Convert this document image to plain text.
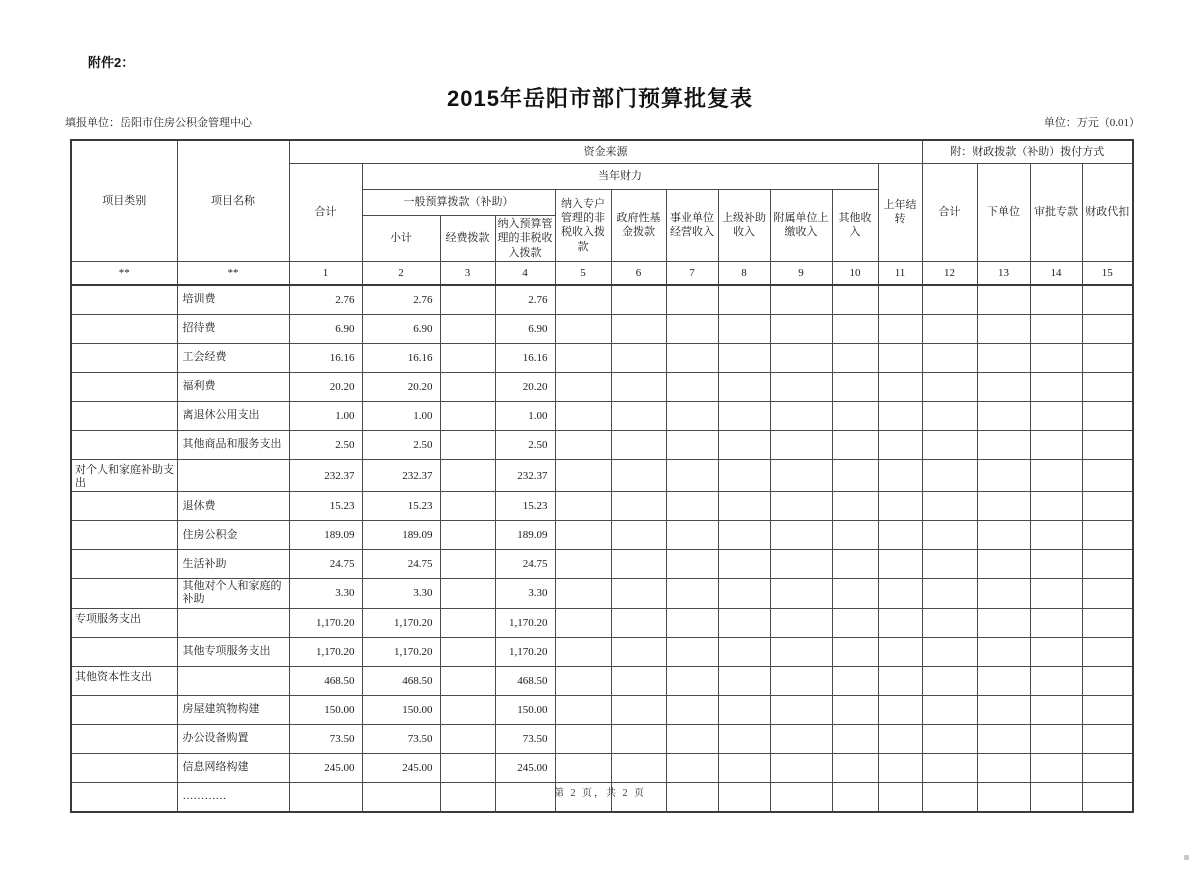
附件2：
2015年岳阳市部门预算批复表
填报单位：岳阳市住房公积金管理中心	单位：万元（0.01）
项目类别	项目名称	资金来源											附：财政拨款（补助）拨付方式			
		合计	当年财力									上年结转	合计	下单位	审批专款	财政代扣
			一般预算拨款（补助）			纳入专户管理的非税收入拨款	政府性基金拨款	事业单位经营收入	上级补助收入	附属单位上缴收入	其他收入					
			小计	经费拨款	纳入预算管理的非税收入拨款											
**	**	1	2	3	4	5	6	7	8	9	10	11	12	13	14	15
	培训费	2.76	2.76		2.76											
	招待费	6.90	6.90		6.90											
	工会经费	16.16	16.16		16.16											
	福利费	20.20	20.20		20.20											
	离退休公用支出	1.00	1.00		1.00											
	其他商品和服务支出	2.50	2.50		2.50											
对个人和家庭补助支出		232.37	232.37		232.37											
	退休费	15.23	15.23		15.23											
	住房公积金	189.09	189.09		189.09											
	生活补助	24.75	24.75		24.75											
	其他对个人和家庭的补助	3.30	3.30		3.30											
专项服务支出		1,170.20	1,170.20		1,170.20											
	其他专项服务支出	1,170.20	1,170.20		1,170.20											
其他资本性支出		468.50	468.50		468.50											
	房屋建筑物构建	150.00	150.00		150.00											
	办公设备购置	73.50	73.50		73.50											
	信息网络构建	245.00	245.00		245.00											
	…………																第 2 页，共 2 页
